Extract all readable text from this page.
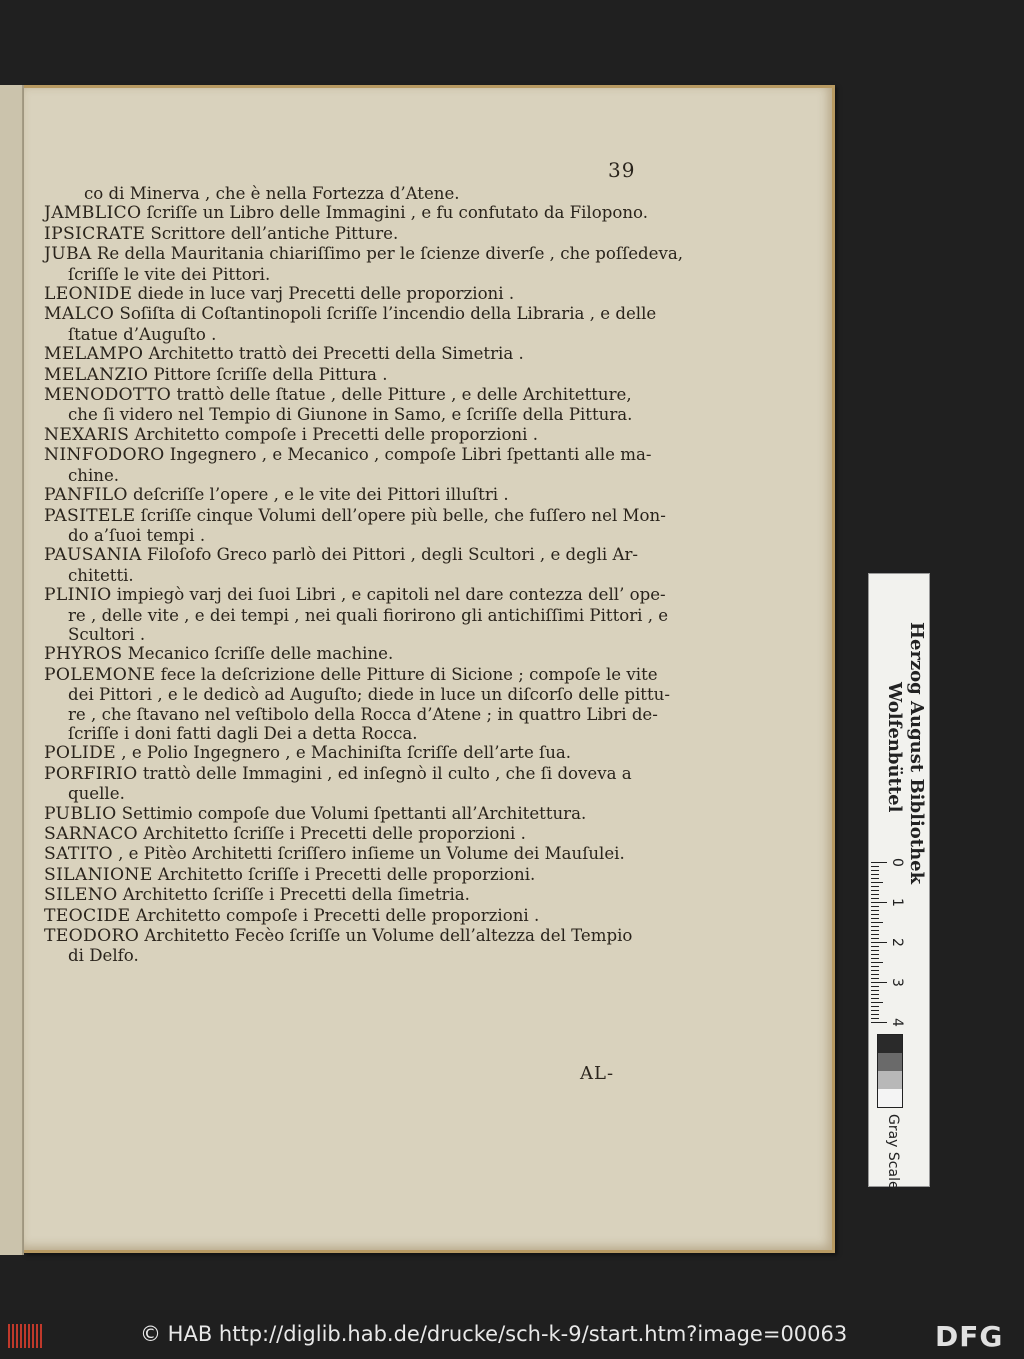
39
co di Minerva , che è nella Fortezza d’Atene.
JAMBLICO ſcriſſe un Libro delle Immagini , e fu confutato da Filopono.
IPSICRATE Scrittore dell’antiche Pitture.
JUBA Re della Mauritania chiariſſimo per le ſcienze diverſe , che poſſedeva,
ſcriſſe le vite dei Pittori.
LEONIDE diede in luce varj Precetti delle proporzioni .
MALCO Soſiſta di Coſtantinopoli ſcriſſe l’incendio della Libraria , e delle
ſtatue d’Auguſto .
MELAMPO Architetto trattò dei Precetti della Simetria .
MELANZIO Pittore ſcriſſe della Pittura .
MENODOTTO trattò delle ſtatue , delle Pitture , e delle Architetture,
che ſi videro nel Tempio di Giunone in Samo, e ſcriſſe della Pittura.
NEXARIS Architetto compoſe i Precetti delle proporzioni .
NINFODORO Ingegnero , e Mecanico , compoſe Libri ſpettanti alle ma-
chine.
PANFILO deſcriſſe l’opere , e le vite dei Pittori illuſtri .
PASITELE ſcriſſe cinque Volumi dell’opere più belle, che fuſſero nel Mon-
do a’ſuoi tempi .
PAUSANIA Filoſofo Greco parlò dei Pittori , degli Scultori , e degli Ar-
chitetti.
PLINIO impiegò varj dei ſuoi Libri , e capitoli nel dare contezza dell’ ope-
re , delle vite , e dei tempi , nei quali fiorirono gli antichiſſimi Pittori , e
Scultori .
PHYROS Mecanico ſcriſſe delle machine.
POLEMONE fece la deſcrizione delle Pitture di Sicione ; compoſe le vite
dei Pittori , e le dedicò ad Auguſto; diede in luce un diſcorſo delle pittu-
re , che ſtavano nel veſtibolo della Rocca d’Atene ; in quattro Libri de-
ſcriſſe i doni fatti dagli Dei a detta Rocca.
POLIDE , e Polio Ingegnero , e Machiniſta ſcriſſe dell’arte ſua.
PORFIRIO trattò delle Immagini , ed inſegnò il culto , che ſi doveva a
quelle.
PUBLIO Settimio compoſe due Volumi ſpettanti all’Architettura.
SARNACO Architetto ſcriſſe i Precetti delle proporzioni .
SATITO , e Pitèo Architetti ſcriſſero inſieme un Volume dei Mauſulei.
SILANIONE Architetto ſcriſſe i Precetti delle proporzioni.
SILENO Architetto ſcriſſe i Precetti della ſimetria.
TEOCIDE Architetto compoſe i Precetti delle proporzioni .
TEODORO Architetto Fecèo ſcriſſe un Volume dell’altezza del Tempio
di Delfo.
AL-
Herzog August Bibliothek
Wolfenbüttel
0
1
2
3
4
Gray Scale
© HAB http://diglib.hab.de/drucke/sch-k-9/start.htm?image=00063	DFG
